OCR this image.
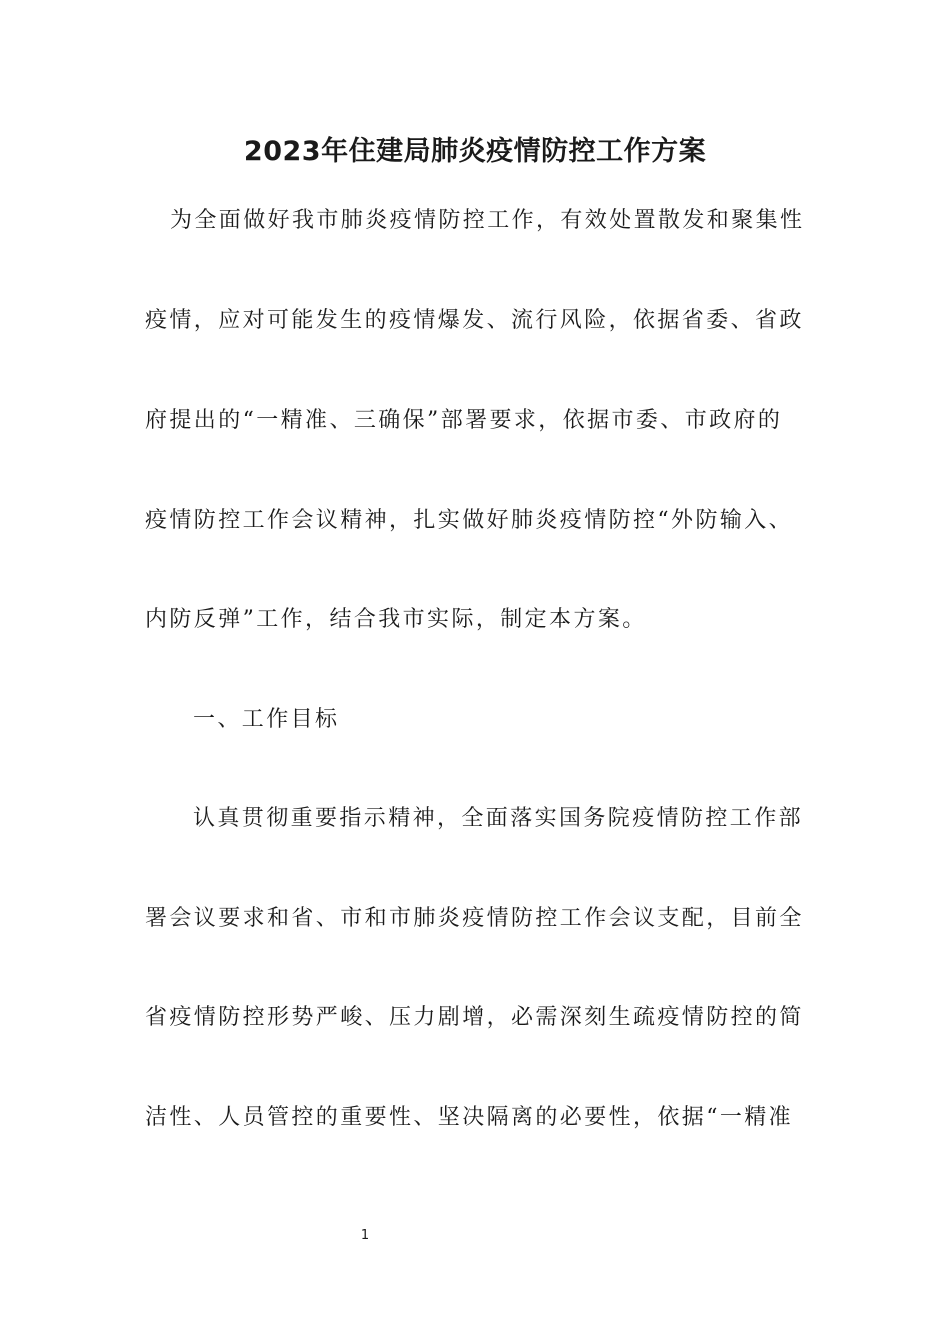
2023年住建局肺炎疫情防控工作方案
为全面做好我市肺炎疫情防控工作，有效处置散发和聚集性
疫情，应对可能发生的疫情爆发、流行风险，依据省委、省政
府提出的“一精准、三确保”部署要求，依据市委、市政府的
疫情防控工作会议精神，扎实做好肺炎疫情防控“外防输入、
内防反弹”工作，结合我市实际，制定本方案。
一、工作目标
认真贯彻重要指示精神，全面落实国务院疫情防控工作部
署会议要求和省、市和市肺炎疫情防控工作会议支配，目前全
省疫情防控形势严峻、压力剧增，必需深刻生疏疫情防控的简
洁性、人员管控的重要性、坚决隔离的必要性，依据“一精准
1
